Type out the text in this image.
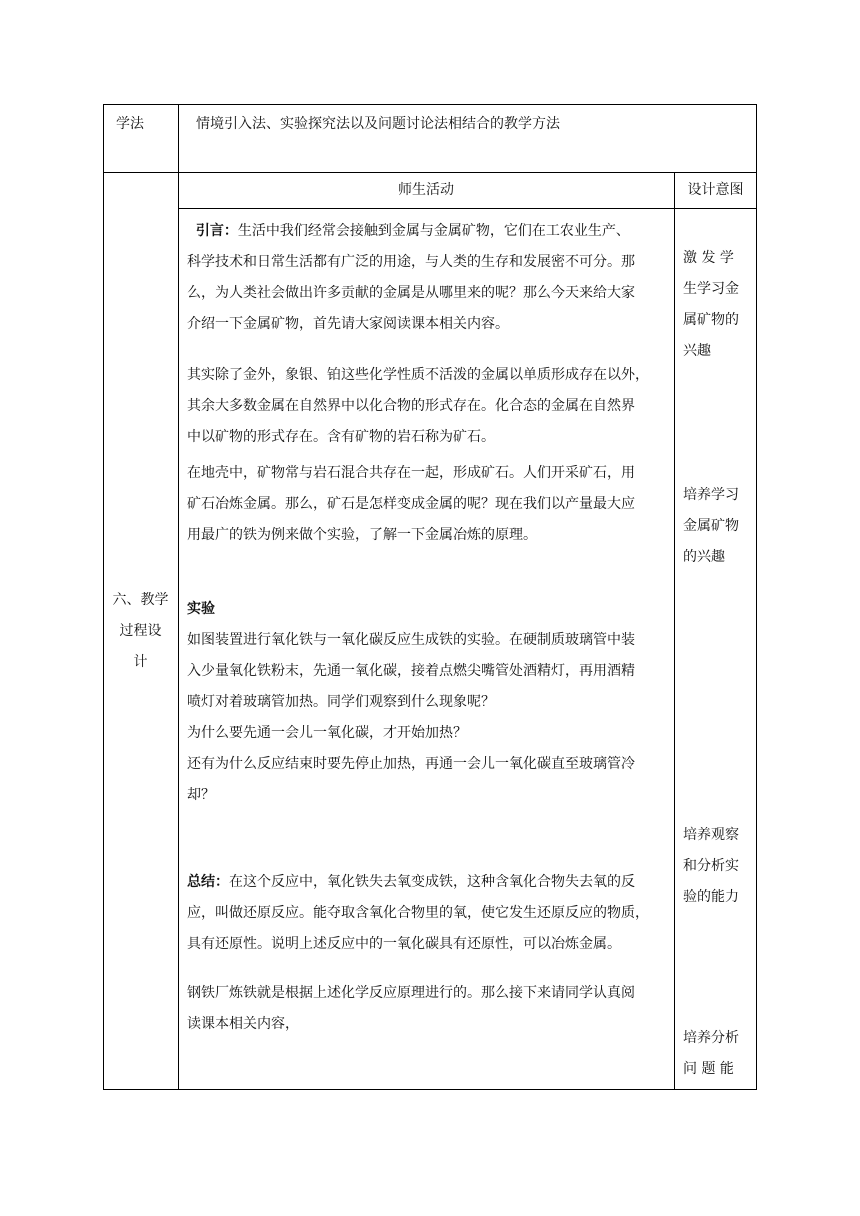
学法	情境引入法、实验探究法以及问题讨论法相结合的教学方法
六、教学
过程设
计
师生活动	设计意图
引言：生活中我们经常会接触到金属与金属矿物，它们在工农业生产、
科学技术和日常生活都有广泛的用途，与人类的生存和发展密不可分。那
么，为人类社会做出许多贡献的金属是从哪里来的呢？那么今天来给大家
介绍一下金属矿物，首先请大家阅读课本相关内容。
其实除了金外，象银、铂这些化学性质不活泼的金属以单质形成存在以外，
其余大多数金属在自然界中以化合物的形式存在。化合态的金属在自然界
中以矿物的形式存在。含有矿物的岩石称为矿石。
在地壳中，矿物常与岩石混合共存在一起，形成矿石。人们开采矿石，用
矿石冶炼金属。那么，矿石是怎样变成金属的呢？现在我们以产量最大应
用最广的铁为例来做个实验，了解一下金属冶炼的原理。
实验
如图装置进行氧化铁与一氧化碳反应生成铁的实验。在硬制质玻璃管中装
入少量氧化铁粉末，先通一氧化碳，接着点燃尖嘴管处酒精灯，再用酒精
喷灯对着玻璃管加热。同学们观察到什么现象呢？
为什么要先通一会儿一氧化碳，才开始加热？
还有为什么反应结束时要先停止加热，再通一会儿一氧化碳直至玻璃管冷
却？
总结：在这个反应中，氧化铁失去氧变成铁，这种含氧化合物失去氧的反
应，叫做还原反应。能夺取含氧化合物里的氧，使它发生还原反应的物质，
具有还原性。说明上述反应中的一氧化碳具有还原性，可以冶炼金属。
钢铁厂炼铁就是根据上述化学反应原理进行的。那么接下来请同学认真阅
读课本相关内容，
激 发 学
生学习金
属矿物的
兴趣
培养学习
金属矿物
的兴趣
培养观察
和分析实
验的能力
培养分析
问 题 能
